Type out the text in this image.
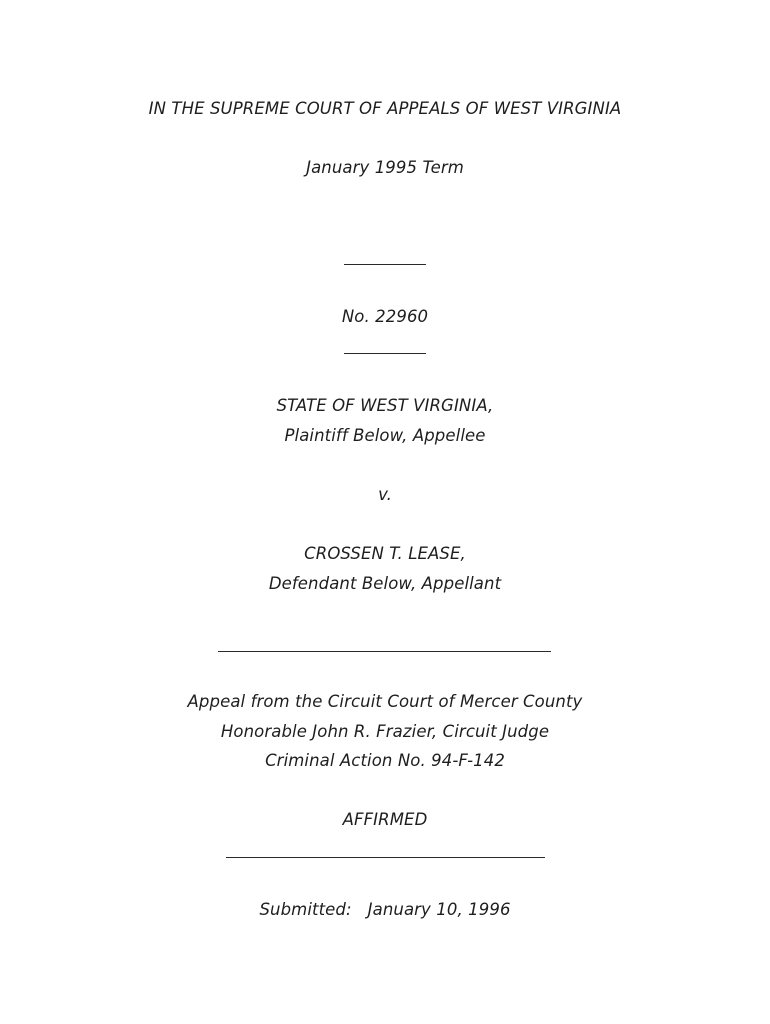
IN THE SUPREME COURT OF APPEALS OF WEST VIRGINIA
January 1995 Term
No. 22960
STATE OF WEST VIRGINIA,
Plaintiff Below, Appellee
v.
CROSSEN T. LEASE,
Defendant Below, Appellant
Appeal from the Circuit Court of Mercer County
Honorable John R. Frazier, Circuit Judge
Criminal Action No. 94-F-142
AFFIRMED
Submitted:   January 10, 1996
